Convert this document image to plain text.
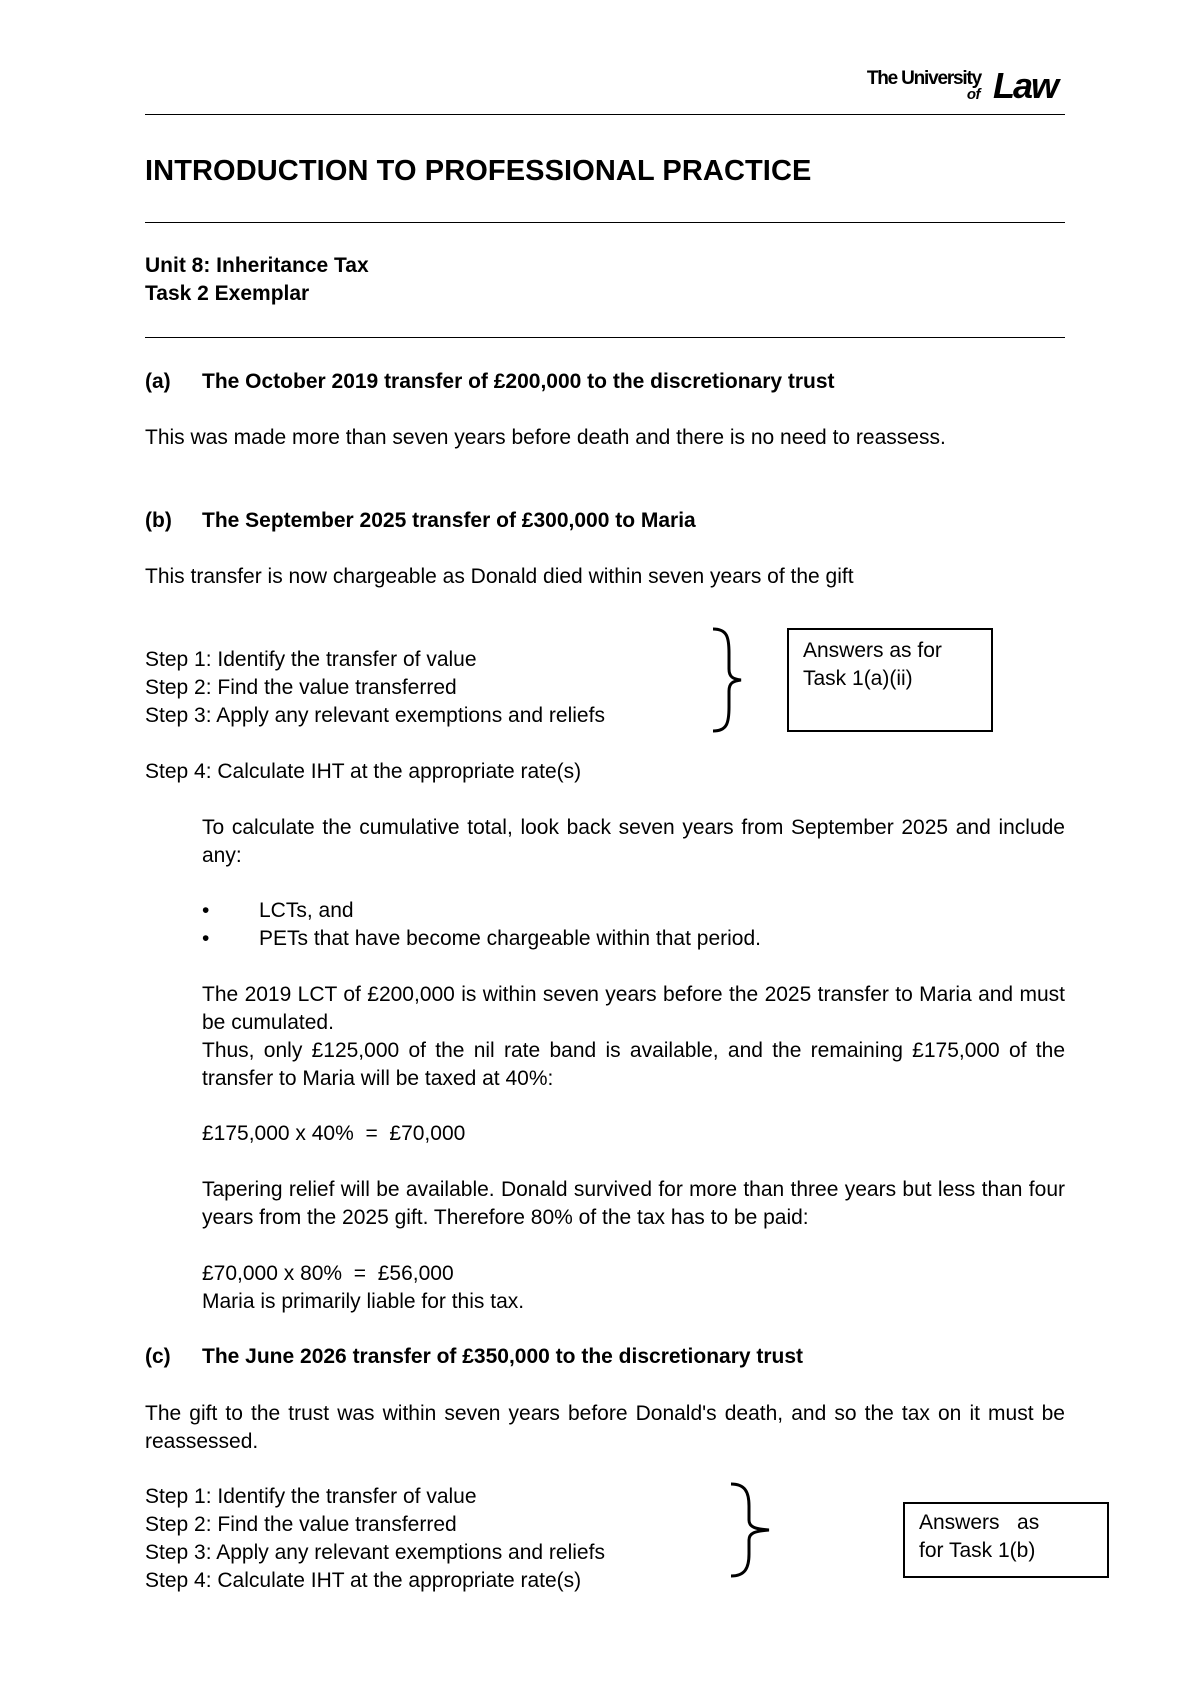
The University
of Law
INTRODUCTION TO PROFESSIONAL PRACTICE
Unit 8: Inheritance Tax
Task 2 Exemplar
(a) The October 2019 transfer of £200,000 to the discretionary trust
This was made more than seven years before death and there is no need to reassess.
(b) The September 2025 transfer of £300,000 to Maria
This transfer is now chargeable as Donald died within seven years of the gift
Step 1: Identify the transfer of value
Step 2: Find the value transferred
Step 3: Apply any relevant exemptions and reliefs
Answers as for
Task 1(a)(ii)
Step 4: Calculate IHT at the appropriate rate(s)
To calculate the cumulative total, look back seven years from September 2025 and include any:
• LCTs, and
• PETs that have become chargeable within that period.
The 2019 LCT of £200,000 is within seven years before the 2025 transfer to Maria and must be cumulated.
Thus, only £125,000 of the nil rate band is available, and the remaining £175,000 of the transfer to Maria will be taxed at 40%:
£175,000 x 40%  =  £70,000
Tapering relief will be available. Donald survived for more than three years but less than four years from the 2025 gift. Therefore 80% of the tax has to be paid:
£70,000 x 80%  =  £56,000
Maria is primarily liable for this tax.
(c) The June 2026 transfer of £350,000 to the discretionary trust
The gift to the trust was within seven years before Donald's death, and so the tax on it must be reassessed.
Step 1: Identify the transfer of value
Step 2: Find the value transferred
Step 3: Apply any relevant exemptions and reliefs
Step 4: Calculate IHT at the appropriate rate(s)
Answers   as
for Task 1(b)
